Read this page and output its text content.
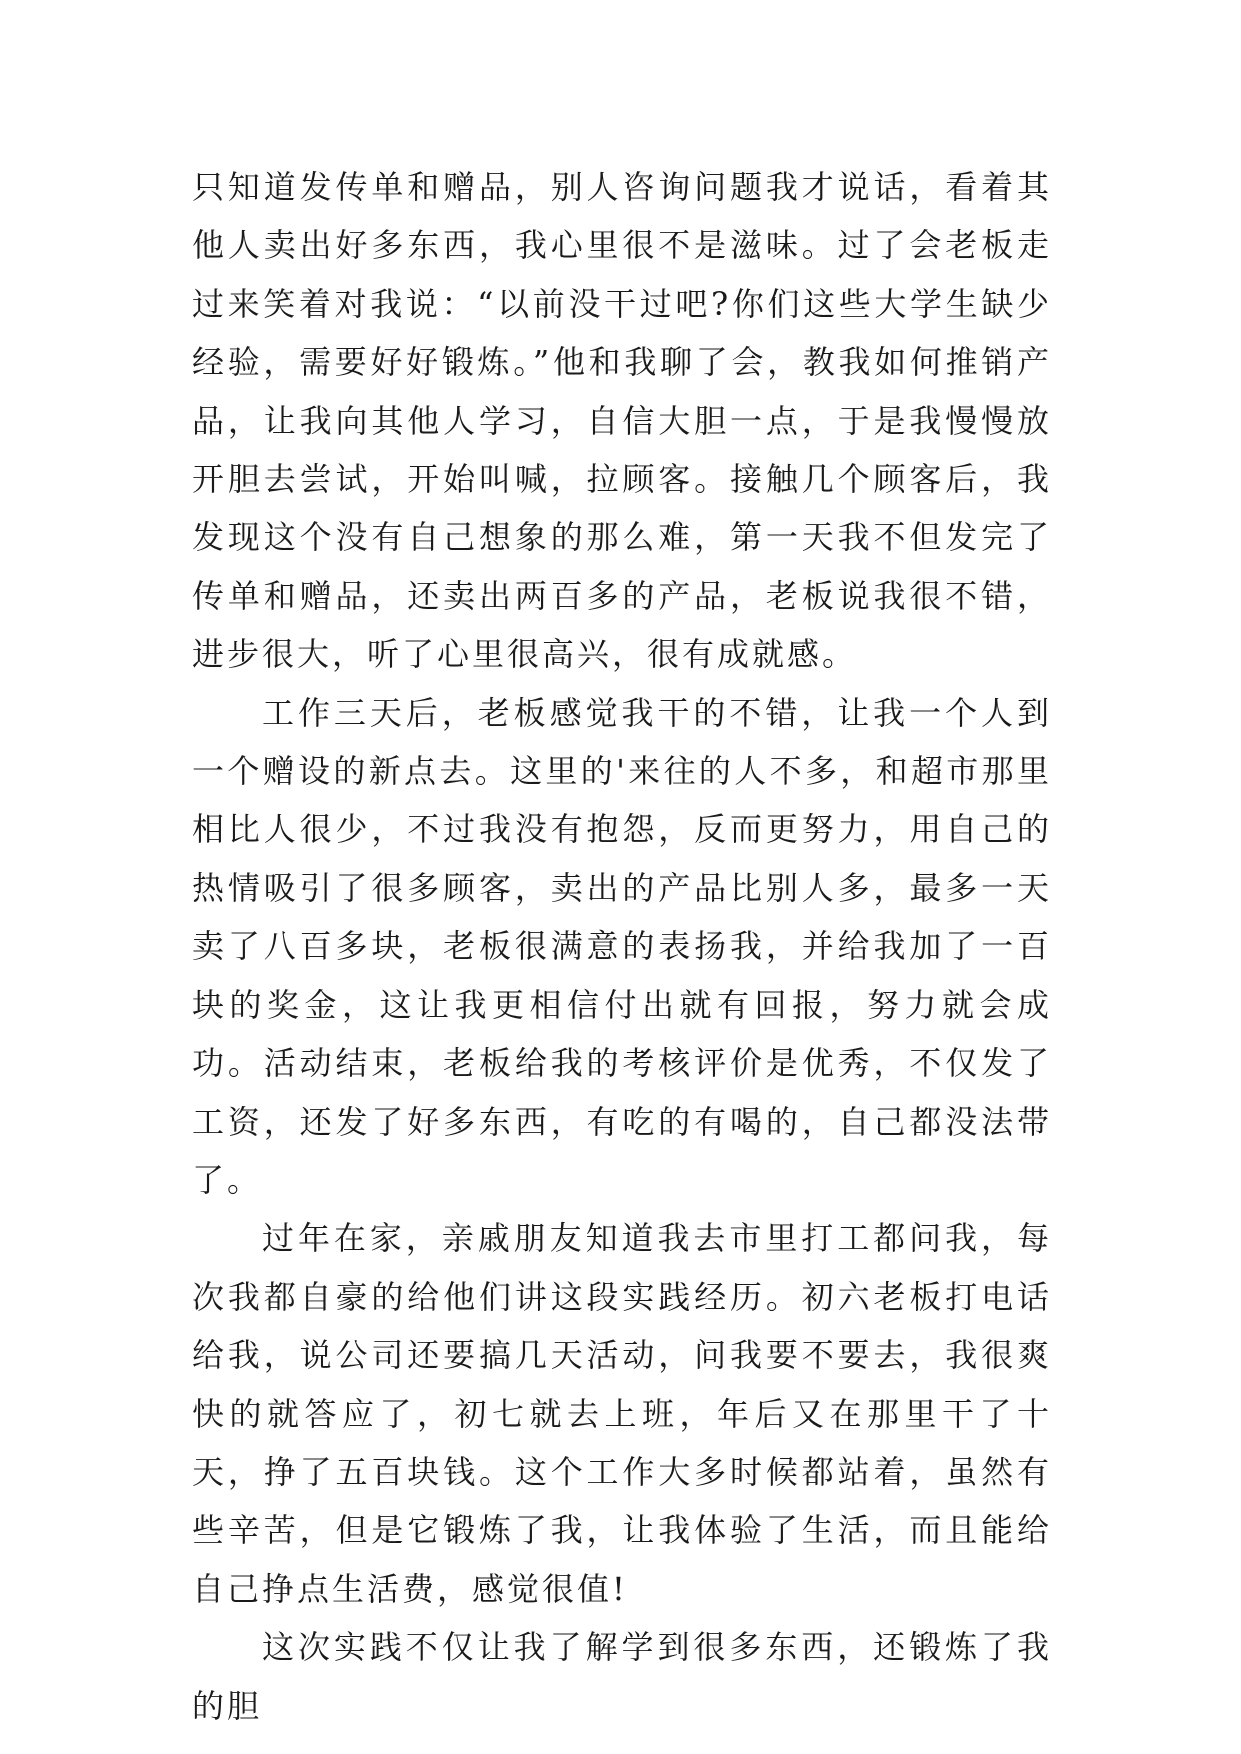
只知道发传单和赠品，别人咨询问题我才说话，看着其他人卖出好多东西，我心里很不是滋味。过了会老板走过来笑着对我说：“以前没干过吧?你们这些大学生缺少经验，需要好好锻炼。”他和我聊了会，教我如何推销产品，让我向其他人学习，自信大胆一点，于是我慢慢放开胆去尝试，开始叫喊，拉顾客。接触几个顾客后，我发现这个没有自己想象的那么难，第一天我不但发完了传单和赠品，还卖出两百多的产品，老板说我很不错，进步很大，听了心里很高兴，很有成就感。

工作三天后，老板感觉我干的不错，让我一个人到一个赠设的新点去。这里的'来往的人不多，和超市那里相比人很少，不过我没有抱怨，反而更努力，用自己的热情吸引了很多顾客，卖出的产品比别人多，最多一天卖了八百多块，老板很满意的表扬我，并给我加了一百块的奖金，这让我更相信付出就有回报，努力就会成功。活动结束，老板给我的考核评价是优秀，不仅发了工资，还发了好多东西，有吃的有喝的，自己都没法带了。

过年在家，亲戚朋友知道我去市里打工都问我，每次我都自豪的给他们讲这段实践经历。初六老板打电话给我，说公司还要搞几天活动，问我要不要去，我很爽快的就答应了，初七就去上班，年后又在那里干了十天，挣了五百块钱。这个工作大多时候都站着，虽然有些辛苦，但是它锻炼了我，让我体验了生活，而且能给自己挣点生活费，感觉很值!

这次实践不仅让我了解学到很多东西，还锻炼了我的胆
